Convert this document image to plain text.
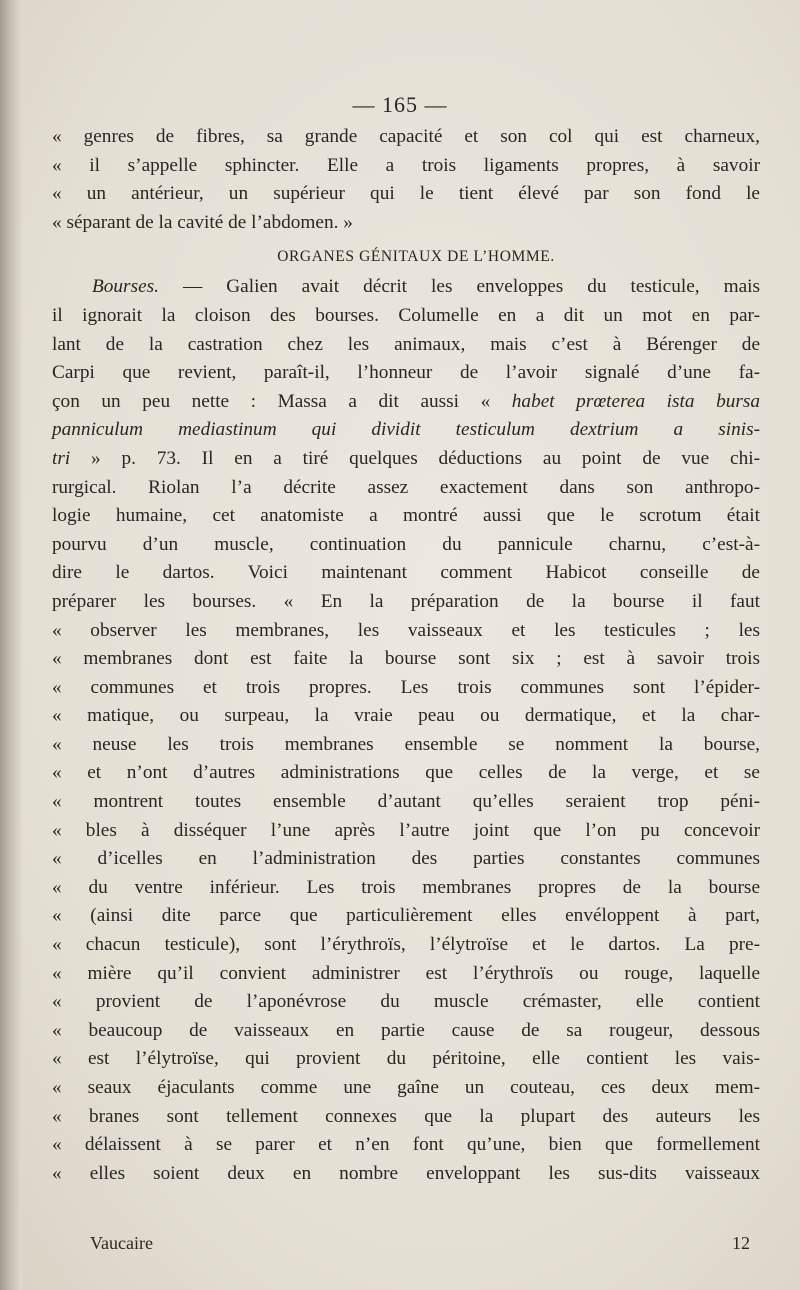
— 165 —
« genres de fibres, sa grande capacité et son col qui est charneux,
« il s’appelle sphincter. Elle a trois ligaments propres, à savoir
« un antérieur, un supérieur qui le tient élevé par son fond le
« séparant de la cavité de l’abdomen. »
ORGANES GÉNITAUX DE L’HOMME.
Bourses. — Galien avait décrit les enveloppes du testicule, mais
il ignorait la cloison des bourses. Columelle en a dit un mot en par-
lant de la castration chez les animaux, mais c’est à Bérenger de
Carpi que revient, paraît-il, l’honneur de l’avoir signalé d’une fa-
çon un peu nette : Massa a dit aussi « habet prœterea ista bursa
panniculum mediastinum qui dividit testiculum dextrium a sinis-
tri » p. 73. Il en a tiré quelques déductions au point de vue chi-
rurgical. Riolan l’a décrite assez exactement dans son anthropo-
logie humaine, cet anatomiste a montré aussi que le scrotum était
pourvu d’un muscle, continuation du pannicule charnu, c’est-à-
dire le dartos. Voici maintenant comment Habicot conseille de
préparer les bourses. « En la préparation de la bourse il faut
« observer les membranes, les vaisseaux et les testicules ; les
« membranes dont est faite la bourse sont six ; est à savoir trois
« communes et trois propres. Les trois communes sont l’épider-
« matique, ou surpeau, la vraie peau ou dermatique, et la char-
« neuse les trois membranes ensemble se nomment la bourse,
« et n’ont d’autres administrations que celles de la verge, et se
« montrent toutes ensemble d’autant qu’elles seraient trop péni-
« bles à disséquer l’une après l’autre joint que l’on pu concevoir
« d’icelles en l’administration des parties constantes communes
« du ventre inférieur. Les trois membranes propres de la bourse
« (ainsi dite parce que particulièrement elles envéloppent à part,
« chacun testicule), sont l’érythroïs, l’élytroïse et le dartos. La pre-
« mière qu’il convient administrer est l’érythroïs ou rouge, laquelle
« provient de l’aponévrose du muscle crémaster, elle contient
« beaucoup de vaisseaux en partie cause de sa rougeur, dessous
« est l’élytroïse, qui provient du péritoine, elle contient les vais-
« seaux éjaculants comme une gaîne un couteau, ces deux mem-
« branes sont tellement connexes que la plupart des auteurs les
« délaissent à se parer et n’en font qu’une, bien que formellement
« elles soient deux en nombre enveloppant les sus-dits vaisseaux
Vaucaire	12
